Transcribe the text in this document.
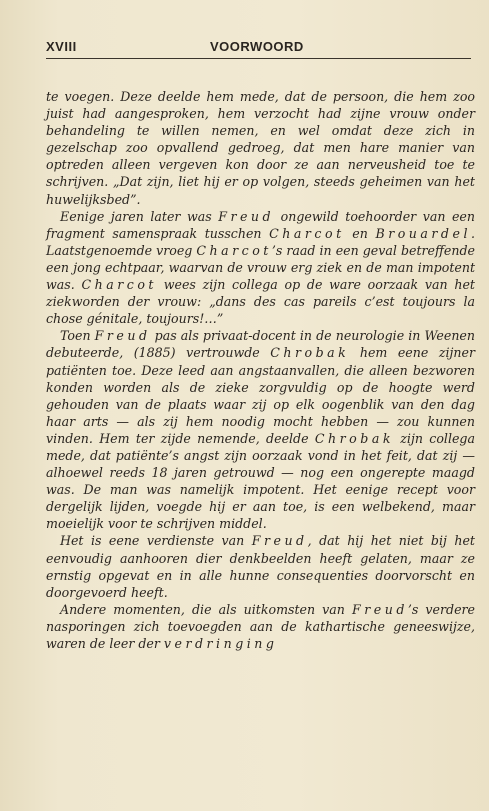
XVIII	VOORWOORD

te voegen. Deze deelde hem mede, dat de persoon, die hem zoo juist had aangesproken, hem verzocht had zijne vrouw onder behandeling te willen nemen, en wel omdat deze zich in gezelschap zoo opvallend gedroeg, dat men hare manier van optreden alleen vergeven kon door ze aan nerveusheid toe te schrijven. „Dat zijn, liet hij er op volgen, steeds geheimen van het huwelijksbed”.

Eenige jaren later was Freud ongewild toehoorder van een fragment samenspraak tusschen Charcot en Brouardel. Laatstgenoemde vroeg Charcot’s raad in een geval betreffende een jong echtpaar, waarvan de vrouw erg ziek en de man impotent was. Charcot wees zijn collega op de ware oorzaak van het ziekworden der vrouw: „dans des cas pareils c’est toujours la chose génitale, toujours!…”

Toen Freud pas als privaat-docent in de neurologie in Weenen debuteerde, (1885) vertrouwde Chrobak hem eene zijner patiënten toe. Deze leed aan angstaanvallen, die alleen bezworen konden worden als de zieke zorgvuldig op de hoogte werd gehouden van de plaats waar zij op elk oogenblik van den dag haar arts — als zij hem noodig mocht hebben — zou kunnen vinden. Hem ter zijde nemende, deelde Chrobak zijn collega mede, dat patiënte’s angst zijn oorzaak vond in het feit, dat zij — alhoewel reeds 18 jaren getrouwd — nog een ongerepte maagd was. De man was namelijk impotent. Het eenige recept voor dergelijk lijden, voegde hij er aan toe, is een welbekend, maar moeielijk voor te schrijven middel.

Het is eene verdienste van Freud, dat hij het niet bij het eenvoudig aanhooren dier denkbeelden heeft gelaten, maar ze ernstig opgevat en in alle hunne consequenties doorvorscht en doorgevoerd heeft.

Andere momenten, die als uitkomsten van Freud’s verdere nasporingen zich toevoegden aan de kathartische geneeswijze, waren de leer der verdringing
